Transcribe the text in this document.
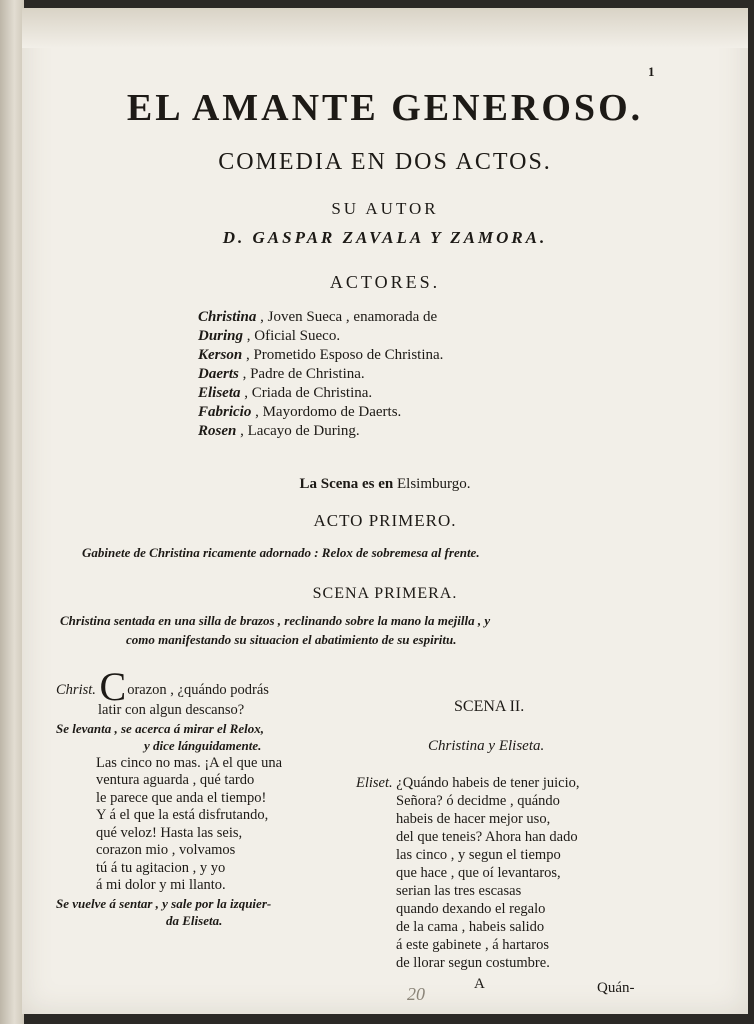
1
EL AMANTE GENEROSO.
COMEDIA EN DOS ACTOS.
SU AUTOR
D. GASPAR ZAVALA Y ZAMORA.
ACTORES.
Christina , Joven Sueca , enamorada de
During , Oficial Sueco.
Kerson , Prometido Esposo de Christina.
Daerts , Padre de Christina.
Eliseta , Criada de Christina.
Fabricio , Mayordomo de Daerts.
Rosen , Lacayo de During.
La Scena es en Elsimburgo.
ACTO PRIMERO.
Gabinete de Christina ricamente adornado : Relox de sobremesa al frente.
SCENA PRIMERA.
Christina sentada en una silla de brazos , reclinando sobre la mano la mejilla , y
como manifestando su situacion el abatimiento de su espiritu.
Christ. Corazon , ¿quándo podrás
latir con algun descanso?
Se levanta , se acerca á mirar el Relox,
y dice lánguidamente.
Las cinco no mas. ¡A el que una
ventura aguarda , qué tardo
le parece que anda el tiempo!
Y á el que la está disfrutando,
qué veloz! Hasta las seis,
corazon mio , volvamos
tú á tu agitacion , y yo
á mi dolor y mi llanto.
Se vuelve á sentar , y sale por la izquier-
da Eliseta.
SCENA II.
Christina y Eliseta.
Eliset. ¿Quándo habeis de tener juicio,
Señora? ó decidme , quándo
habeis de hacer mejor uso,
del que teneis? Ahora han dado
las cinco , y segun el tiempo
que hace , que oí levantaros,
serian las tres escasas
quando dexando el regalo
de la cama , habeis salido
á este gabinete , á hartaros
de llorar segun costumbre.
20	A	Quán-
